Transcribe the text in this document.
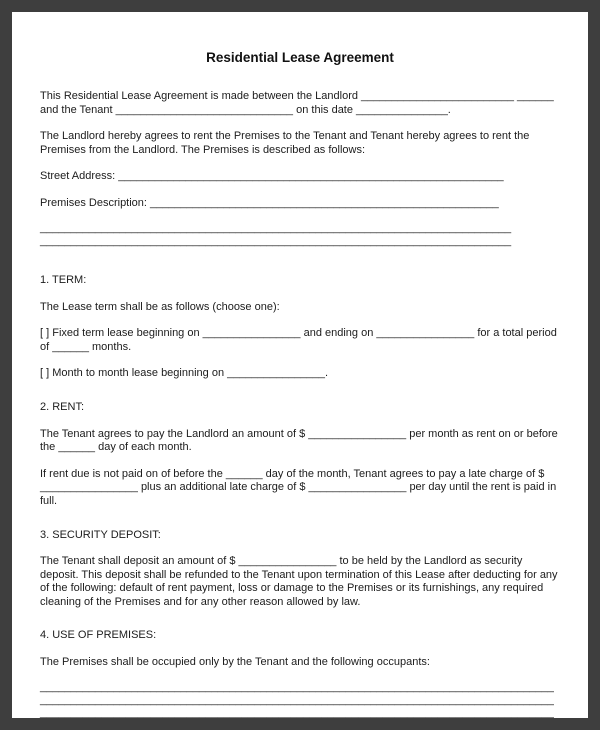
Residential Lease Agreement

This Residential Lease Agreement is made between the Landlord _________________________ ______ and the Tenant _____________________________ on this date _______________.

The Landlord hereby agrees to rent the Premises to the Tenant and Tenant hereby agrees to rent the Premises from the Landlord. The Premises is described as follows:

Street Address: _______________________________________________________________

Premises Description: _________________________________________________________

_____________________________________________________________________________

_____________________________________________________________________________

1. TERM:

The Lease term shall be as follows (choose one):

[ ] Fixed term lease beginning on ________________ and ending on ________________ for a total period of ______ months.

[ ] Month to month lease beginning on ________________.

2. RENT:

The Tenant agrees to pay the Landlord an amount of $ ________________ per month as rent on or before the ______ day of each month.

If rent due is not paid on of before the ______ day of the month, Tenant agrees to pay a late charge of $ ________________ plus an additional late charge of $ ________________ per day until the rent is paid in full.

3. SECURITY DEPOSIT:

The Tenant shall deposit an amount of $ ________________ to be held by the Landlord as security deposit. This deposit shall be refunded to the Tenant upon termination of this Lease after deducting for any of the following: default of rent payment, loss or damage to the Premises or its furnishings, any required cleaning of the Premises and for any other reason allowed by law.

4. USE OF PREMISES:

The Premises shall be occupied only by the Tenant and the following occupants:

____________________________________________________________________________________

____________________________________________________________________________________

____________________________________________________________________________________
